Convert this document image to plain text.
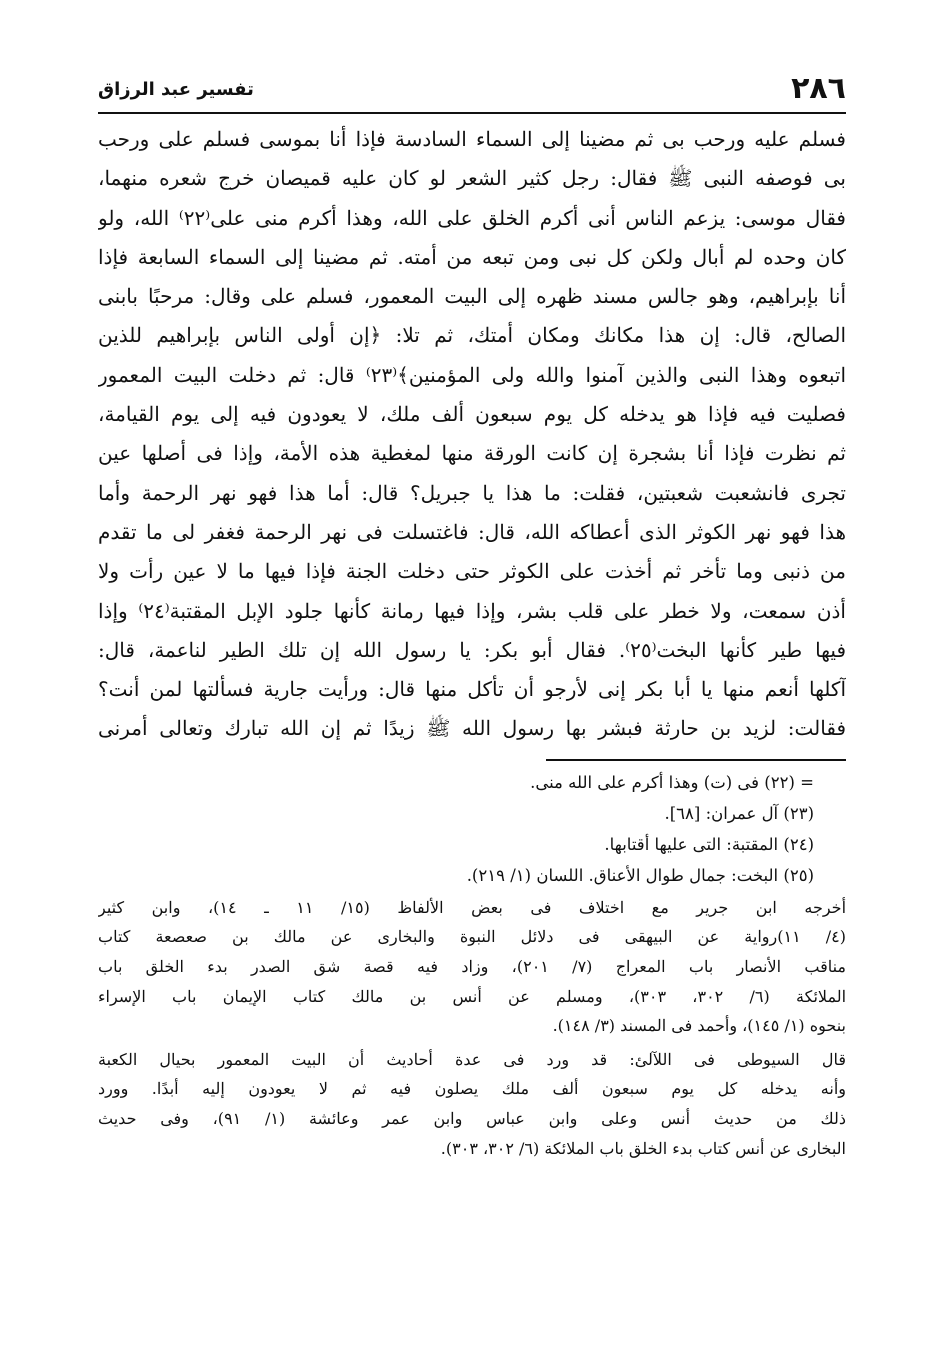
٢٨٦
تفسير عبد الرزاق
فسلم عليه ورحب بى ثم مضينا إلى السماء السادسة فإذا أنا بموسى فسلم على ورحب
بى فوصفه النبى ﷺ فقال: رجل كثير الشعر لو كان عليه قميصان خرج شعره منهما،
فقال موسى: يزعم الناس أنى أكرم الخلق على الله، وهذا أكرم منى على⁽٢٢⁾ الله، ولو
كان وحده لم أبال ولكن كل نبى ومن تبعه من أمته. ثم مضينا إلى السماء السابعة فإذا
أنا بإبراهيم، وهو جالس مسند ظهره إلى البيت المعمور، فسلم على وقال: مرحبًا بابنى
الصالح، قال: إن هذا مكانك ومكان أمتك، ثم تلا: ﴿إن أولى الناس بإبراهيم للذين
اتبعوه وهذا النبى والذين آمنوا والله ولى المؤمنين﴾⁽٢٣⁾ قال: ثم دخلت البيت المعمور
فصليت فيه فإذا هو يدخله كل يوم سبعون ألف ملك، لا يعودون فيه إلى يوم القيامة،
ثم نظرت فإذا أنا بشجرة إن كانت الورقة منها لمغطية هذه الأمة، وإذا فى أصلها عين
تجرى فانشعبت شعبتين، فقلت: ما هذا يا جبريل؟ قال: أما هذا فهو نهر الرحمة وأما
هذا فهو نهر الكوثر الذى أعطاكه الله، قال: فاغتسلت فى نهر الرحمة فغفر لى ما تقدم
من ذنبى وما تأخر ثم أخذت على الكوثر حتى دخلت الجنة فإذا فيها ما لا عين رأت ولا
أذن سمعت، ولا خطر على قلب بشر، وإذا فيها رمانة كأنها جلود الإبل المقتبة⁽٢٤⁾ وإذا
فيها طير كأنها البخت⁽٢٥⁾. فقال أبو بكر: يا رسول الله إن تلك الطير لناعمة، قال:
آكلها أنعم منها يا أبا بكر إنى لأرجو أن تأكل منها قال: ورأيت جارية فسألتها لمن أنت؟
فقالت: لزيد بن حارثة فبشر بها رسول الله ﷺ زيدًا ثم إن الله تبارك وتعالى أمرنى
= (٢٢) فى (ت) وهذا أكرم على الله منى.
(٢٣) آل عمران: [٦٨].
(٢٤) المقتبة: التى عليها أقتابها.
(٢٥) البخت: جمال طوال الأعناق. اللسان (١/ ٢١٩).
أخرجه ابن جرير مع اختلاف فى بعض الألفاظ (١٥/ ١١ ـ ١٤)، وابن كثير
(٤/ ١١)رواية عن البيهقى فى دلائل النبوة والبخارى عن مالك بن صعصعة كتاب
مناقب الأنصار باب المعراج (٧/ ٢٠١)، وزاد فيه قصة شق الصدر بدء الخلق باب
الملائكة (٦/ ٣٠٢، ٣٠٣)، ومسلم عن أنس بن مالك كتاب الإيمان باب الإسراء
بنحوه (١/ ١٤٥)، وأحمد فى المسند (٣/ ١٤٨).
قال السيوطى فى اللآلئ: قد ورد فى عدة أحاديث أن البيت المعمور بحيال الكعبة
وأنه يدخله كل يوم سبعون ألف ملك يصلون فيه ثم لا يعودون إليه أبدًا. وورد
ذلك من حديث أنس وعلى وابن عباس وابن عمر وعائشة (١/ ٩١)، وفى حديث
البخارى عن أنس كتاب بدء الخلق باب الملائكة (٦/ ٣٠٢، ٣٠٣).
